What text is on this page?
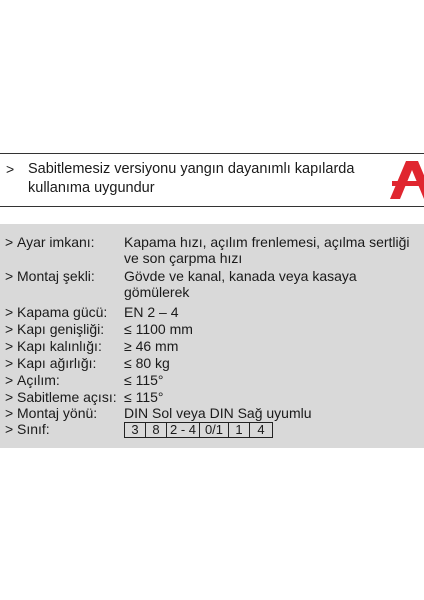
> Sabitlemesiz versiyonu yangın dayanımlı kapılarda
kullanıma uygundur
> Ayar imkanı: Kapama hızı, açılım frenlemesi, açılma sertliği
ve son çarpma hızı
> Montaj şekli: Gövde ve kanal, kanada veya kasaya
gömülerek
> Kapama gücü: EN 2 – 4
> Kapı genişliği: ≤ 1100 mm
> Kapı kalınlığı: ≥ 46 mm
> Kapı ağırlığı: ≤ 80 kg
> Açılım:	≤ 115°
> Sabitleme açısı: ≤ 115°
> Montaj yönü: DIN Sol veya DIN Sağ uyumlu
> Sınıf:	3	8	2 - 4	0/1	1	4
